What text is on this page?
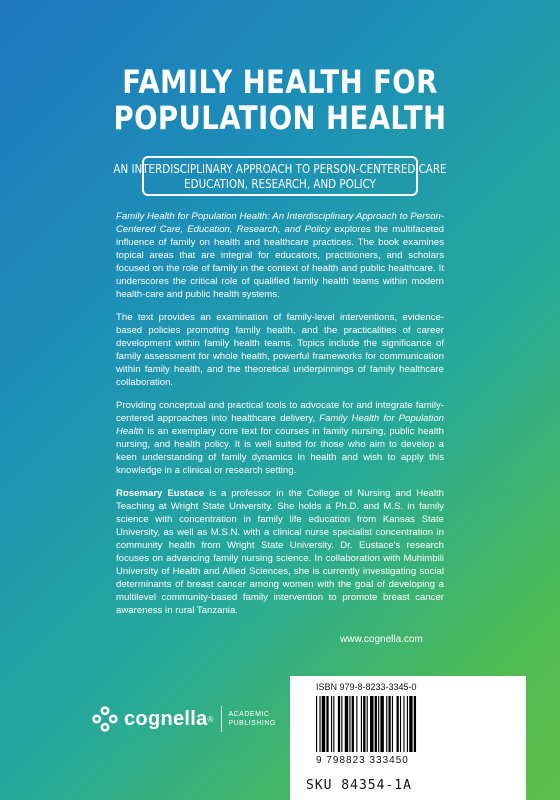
FAMILY HEALTH FOR
POPULATION HEALTH
AN INTERDISCIPLINARY APPROACH TO PERSON-CENTERED CARE
EDUCATION, RESEARCH, AND POLICY

Family Health for Population Health: An Interdisciplinary Approach to Person-Centered Care, Education, Research, and Policy explores the multifaceted influence of family on health and healthcare practices. The book examines topical areas that are integral for educators, practitioners, and scholars focused on the role of family in the context of health and public healthcare. It underscores the critical role of qualified family health teams within modern health-care and public health systems.

The text provides an examination of family-level interventions, evidence-based policies promoting family health, and the practicalities of career development within family health teams. Topics include the significance of family assessment for whole health, powerful frameworks for communication within family health, and the theoretical underpinnings of family healthcare collaboration.

Providing conceptual and practical tools to advocate for and integrate family-centered approaches into healthcare delivery, Family Health for Population Health is an exemplary core text for courses in family nursing, public health nursing, and health policy. It is well suited for those who aim to develop a keen understanding of family dynamics in health and wish to apply this knowledge in a clinical or research setting.

Rosemary Eustace is a professor in the College of Nursing and Health Teaching at Wright State University. She holds a Ph.D. and M.S. in family science with concentration in family life education from Kansas State University, as well as M.S.N. with a clinical nurse specialist concentration in community health from Wright State University. Dr. Eustace's research focuses on advancing family nursing science. In collaboration with Muhimbili University of Health and Allied Sciences, she is currently investigating social determinants of breast cancer among women with the goal of developing a multilevel community-based family intervention to promote breast cancer awareness in rural Tanzania.

www.cognella.com
cognella ® ACADEMIC
PUBLISHING
ISBN 979-8-8233-3345-0
9 798823 333450
SKU 84354-1A
